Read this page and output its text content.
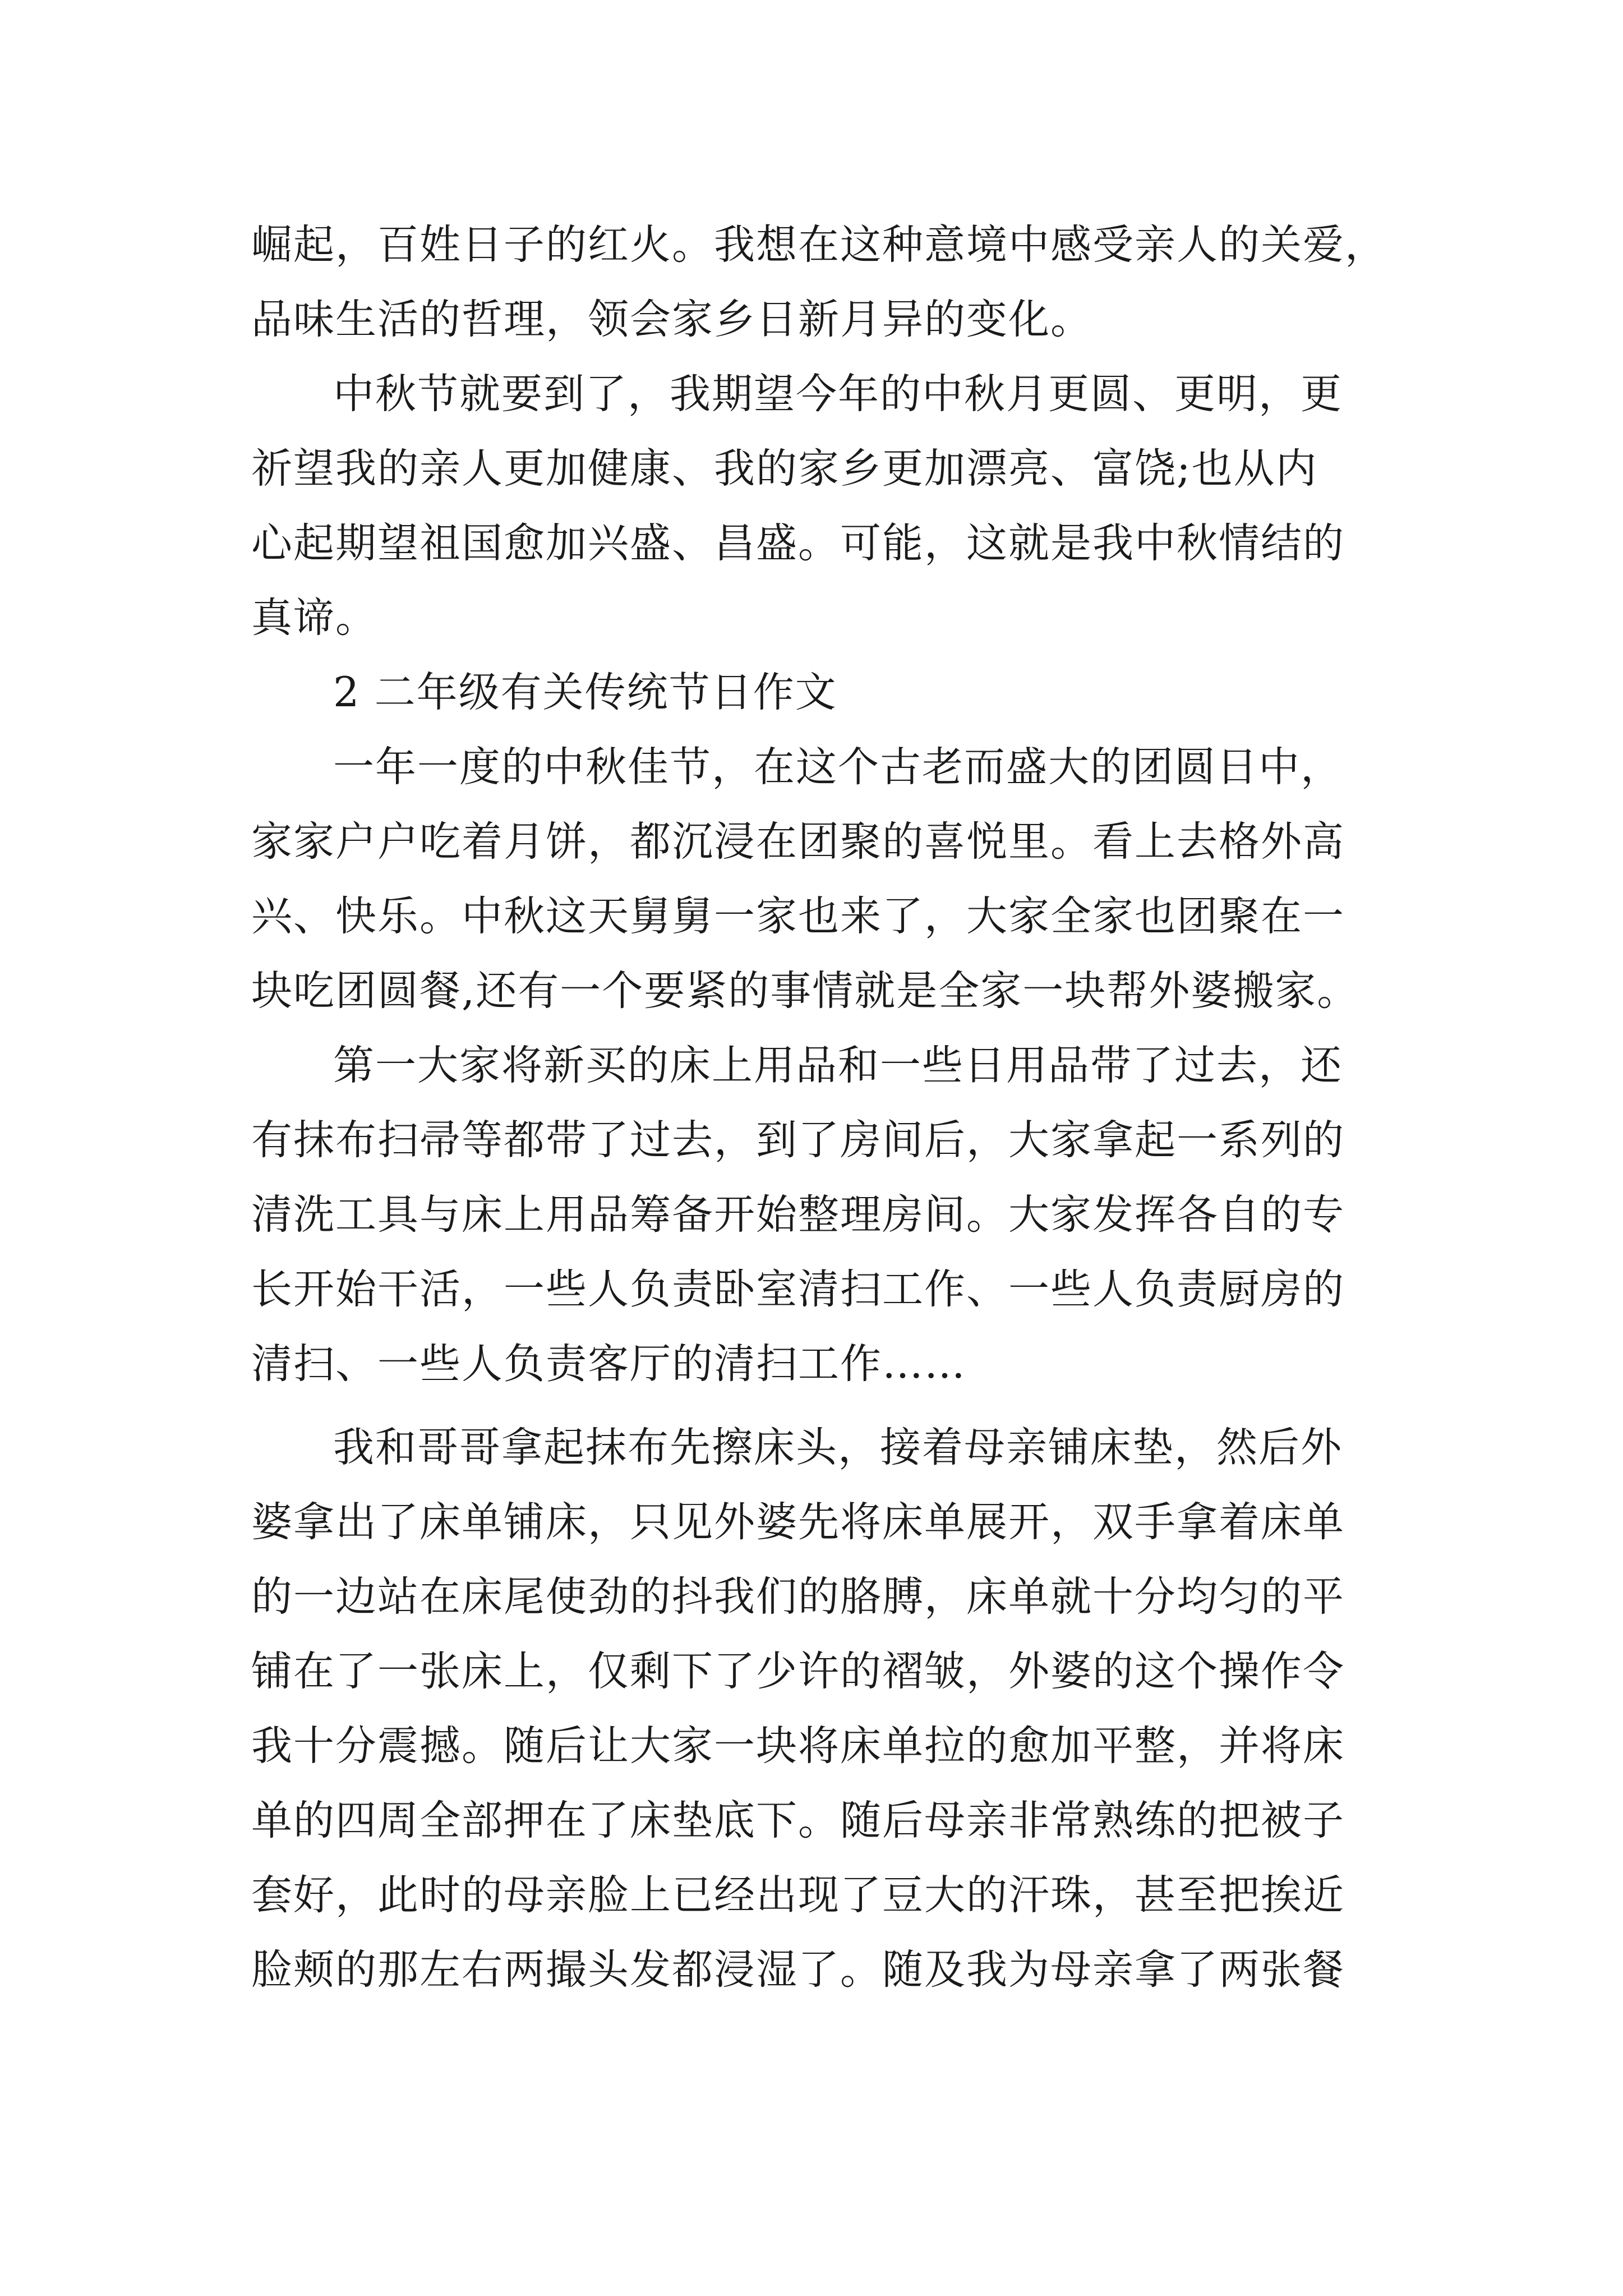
崛起，百姓日子的红火。我想在这种意境中感受亲人的关爱，
品味生活的哲理，领会家乡日新月异的变化。
中秋节就要到了，我期望今年的中秋月更圆、更明，更
祈望我的亲人更加健康、我的家乡更加漂亮、富饶;也从内
心起期望祖国愈加兴盛、昌盛。可能，这就是我中秋情结的
真谛。
2 二年级有关传统节日作文
一年一度的中秋佳节，在这个古老而盛大的团圆日中，
家家户户吃着月饼，都沉浸在团聚的喜悦里。看上去格外高
兴、快乐。中秋这天舅舅一家也来了，大家全家也团聚在一
块吃团圆餐,还有一个要紧的事情就是全家一块帮外婆搬家。
第一大家将新买的床上用品和一些日用品带了过去，还
有抹布扫帚等都带了过去，到了房间后，大家拿起一系列的
清洗工具与床上用品筹备开始整理房间。大家发挥各自的专
长开始干活，一些人负责卧室清扫工作、一些人负责厨房的
清扫、一些人负责客厅的清扫工作……
我和哥哥拿起抹布先擦床头，接着母亲铺床垫，然后外
婆拿出了床单铺床，只见外婆先将床单展开，双手拿着床单
的一边站在床尾使劲的抖我们的胳膊，床单就十分均匀的平
铺在了一张床上，仅剩下了少许的褶皱，外婆的这个操作令
我十分震撼。随后让大家一块将床单拉的愈加平整，并将床
单的四周全部押在了床垫底下。随后母亲非常熟练的把被子
套好，此时的母亲脸上已经出现了豆大的汗珠，甚至把挨近
脸颊的那左右两撮头发都浸湿了。随及我为母亲拿了两张餐
